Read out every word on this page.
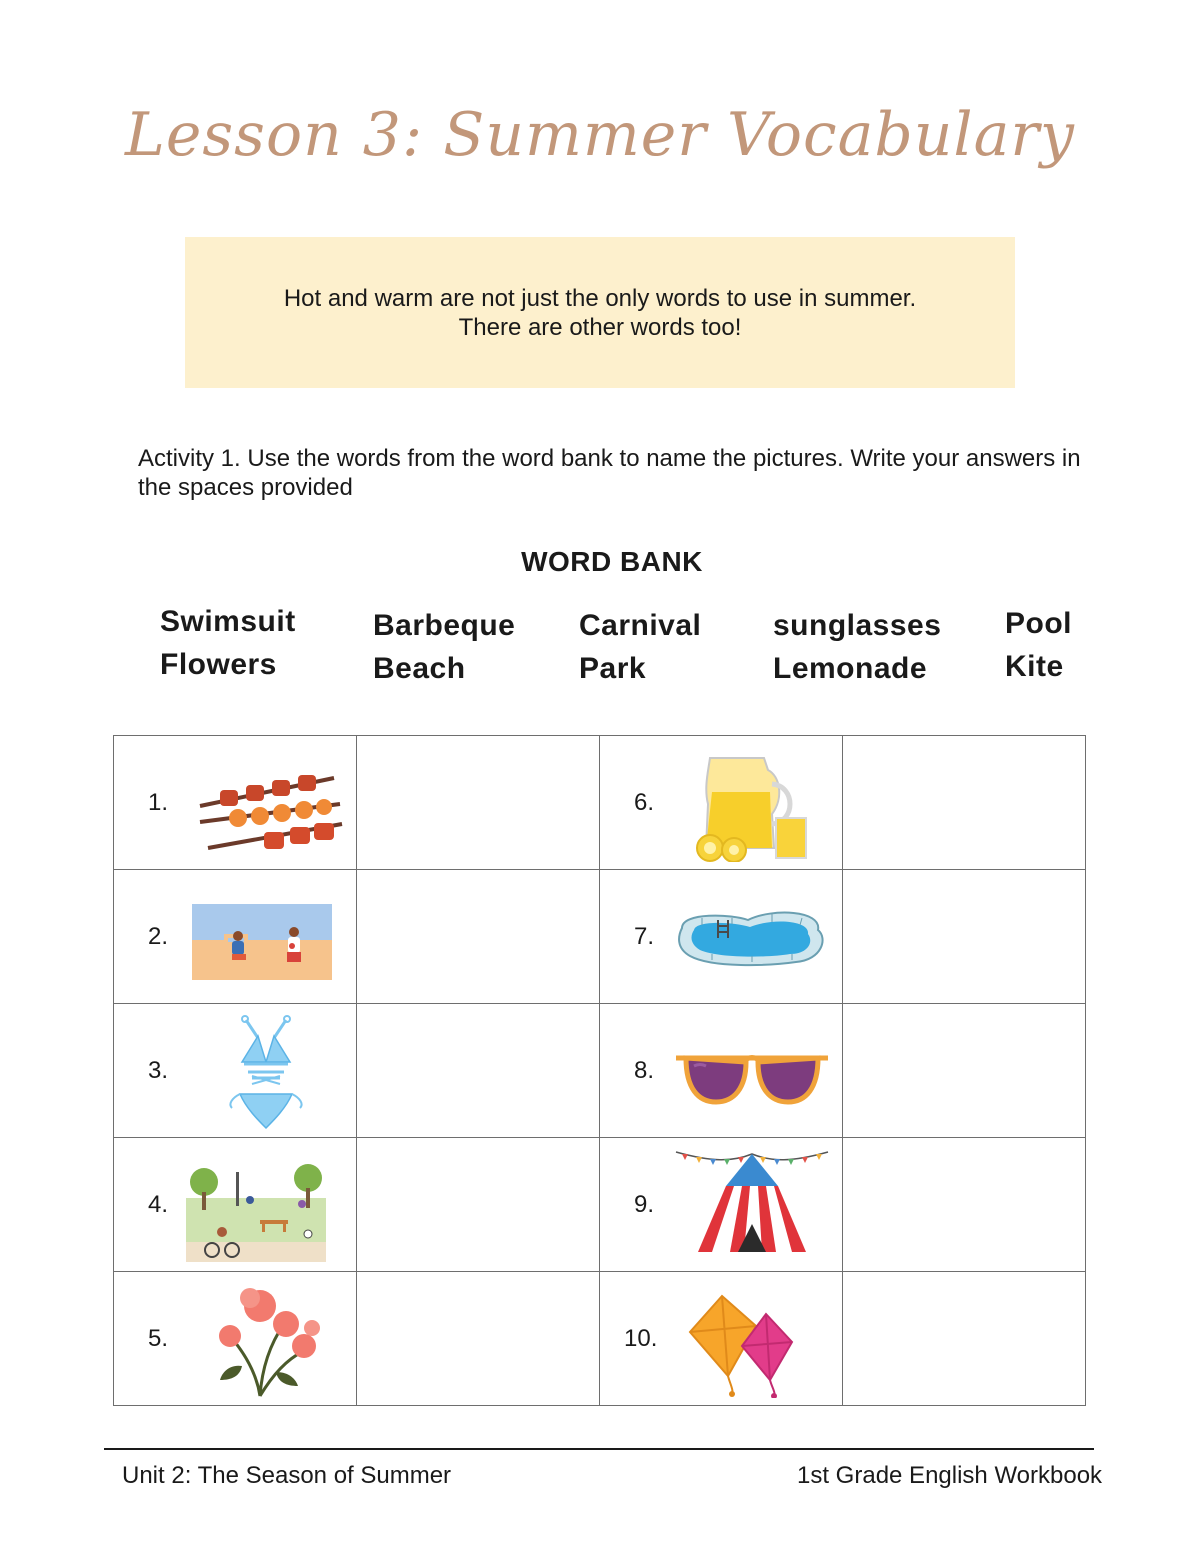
Lesson 3: Summer Vocabulary

Hot and warm are not just the only words to use in summer. There are other words too!

Activity 1. Use the words from the word bank to name the pictures. Write your answers in the spaces provided
WORD BANK
Swimsuit
Flowers
Barbeque
Beach
Carnival
Park
sunglasses
Lemonade
Pool
Kite
1.		6.	

2.		7.	

3.		8.	

4.		9.	

5.		10.	

Unit 2: The Season of Summer	1st Grade English Workbook
